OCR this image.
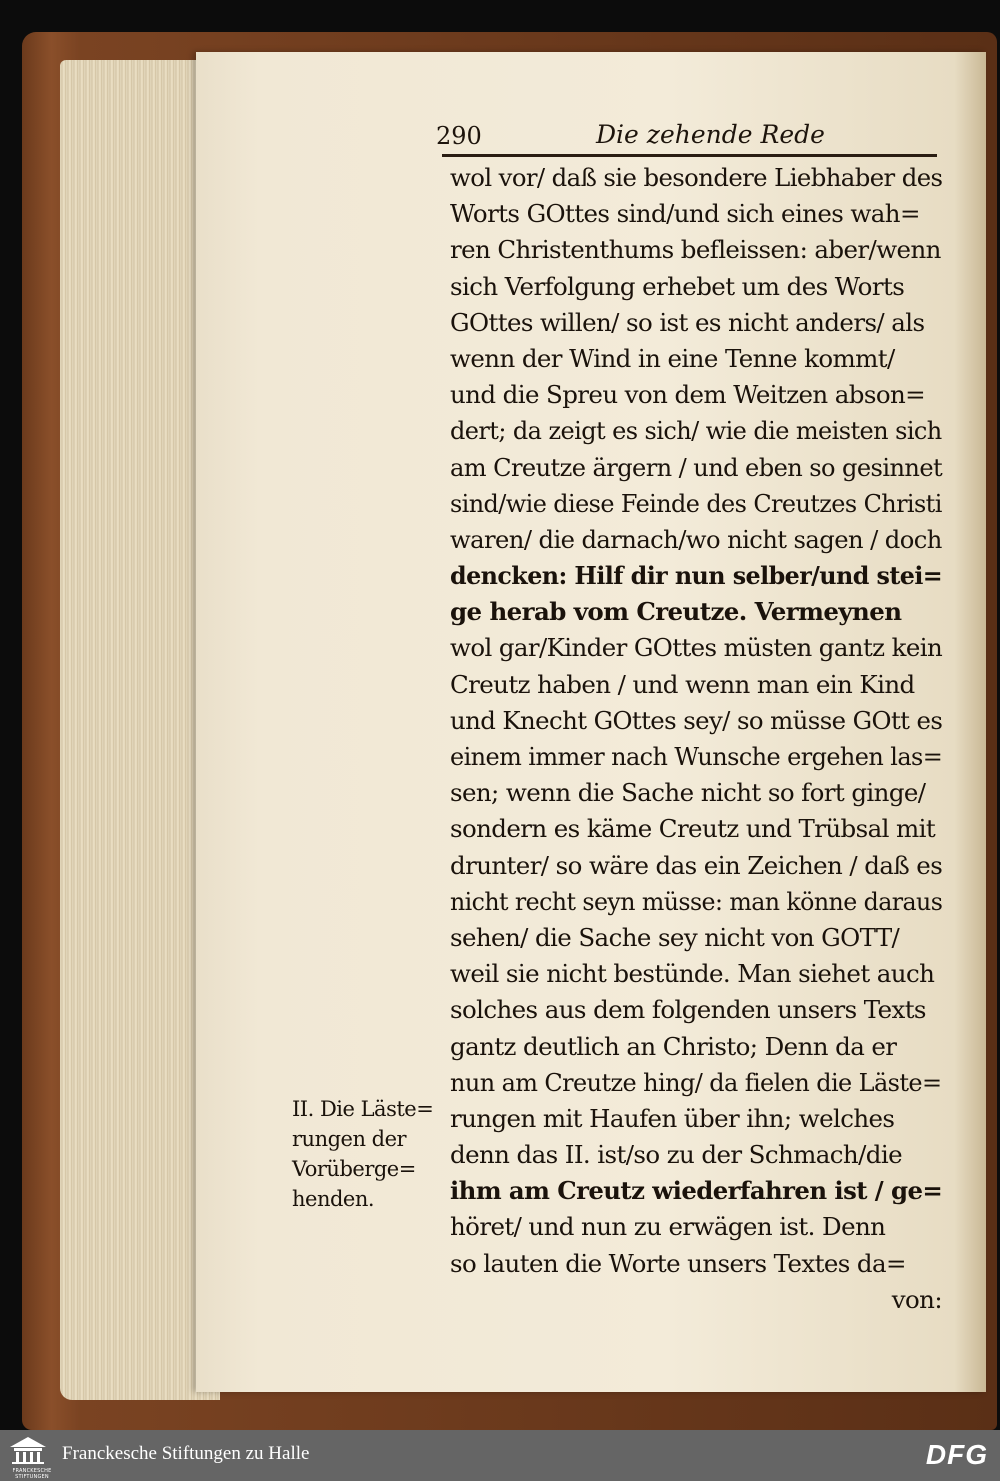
290	Die zehende Rede
wol vor/ daß sie besondere Liebhaber des
Worts GOttes sind/und sich eines wah=
ren Christenthums befleissen: aber/wenn
sich Verfolgung erhebet um des Worts
GOttes willen/ so ist es nicht anders/ als
wenn der Wind in eine Tenne kommt/
und die Spreu von dem Weitzen abson=
dert; da zeigt es sich/ wie die meisten sich
am Creutze ärgern / und eben so gesinnet
sind/wie diese Feinde des Creutzes Christi
waren/ die darnach/wo nicht sagen / doch
dencken: Hilf dir nun selber/und stei=
ge herab vom Creutze. Vermeynen
wol gar/Kinder GOttes müsten gantz kein
Creutz haben / und wenn man ein Kind
und Knecht GOttes sey/ so müsse GOtt es
einem immer nach Wunsche ergehen las=
sen; wenn die Sache nicht so fort ginge/
sondern es käme Creutz und Trübsal mit
drunter/ so wäre das ein Zeichen / daß es
nicht recht seyn müsse: man könne daraus
sehen/ die Sache sey nicht von GOTT/
weil sie nicht bestünde. Man siehet auch
solches aus dem folgenden unsers Texts
gantz deutlich an Christo; Denn da er
nun am Creutze hing/ da fielen die Läste=
rungen mit Haufen über ihn; welches
denn das II. ist/so zu der Schmach/die
ihm am Creutz wiederfahren ist / ge=
höret/ und nun zu erwägen ist. Denn
so lauten die Worte unsers Textes da=
von:
II. Die Läste=
rungen der
Vorüberge=
henden.
FRANCKESCHE STIFTUNGEN
Franckesche Stiftungen zu Halle	DFG
